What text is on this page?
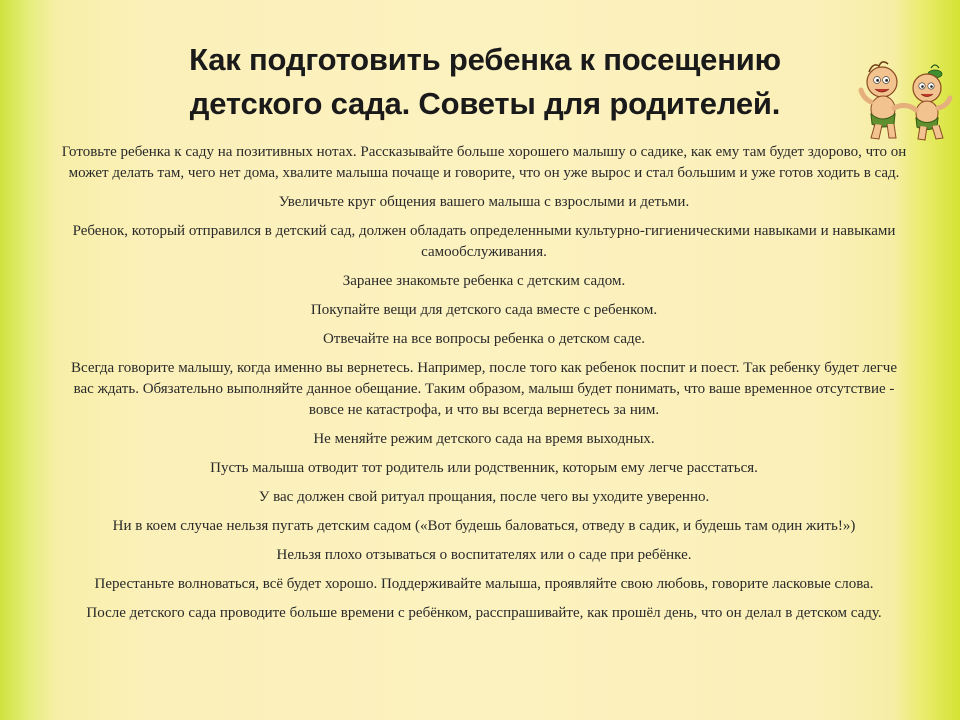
Как подготовить ребенка к посещению
детского сада. Советы для родителей.
Готовьте ребенка к саду на позитивных нотах. Рассказывайте больше хорошего малышу о садике, как ему там будет здорово, что он может делать там, чего нет дома, хвалите малыша почаще и говорите, что он уже вырос и стал большим и уже готов ходить в сад.
Увеличьте круг общения вашего малыша с взрослыми и детьми.
Ребенок, который отправился в детский сад, должен обладать определенными культурно-гигиеническими навыками и навыками самообслуживания.
Заранее знакомьте ребенка с детским садом.
Покупайте вещи для детского сада вместе с ребенком.
Отвечайте на все вопросы ребенка о детском саде.
Всегда говорите малышу, когда именно вы вернетесь. Например, после того как ребенок поспит и поест. Так ребенку будет легче вас ждать. Обязательно выполняйте данное обещание. Таким образом, малыш будет понимать, что ваше временное отсутствие - вовсе не катастрофа, и что вы всегда вернетесь за ним.
Не меняйте режим детского сада на время выходных.
Пусть малыша отводит тот родитель или родственник, которым ему легче расстаться.
У вас должен свой ритуал прощания, после чего вы уходите уверенно.
Ни в коем случае нельзя пугать детским садом («Вот будешь баловаться, отведу в садик, и будешь там один жить!»)
Нельзя плохо отзываться о воспитателях или о саде при ребёнке.
Перестаньте волноваться, всё будет хорошо. Поддерживайте малыша, проявляйте свою любовь, говорите ласковые слова.
После детского сада проводите больше времени с ребёнком, расспрашивайте, как прошёл день, что он делал в детском саду.
